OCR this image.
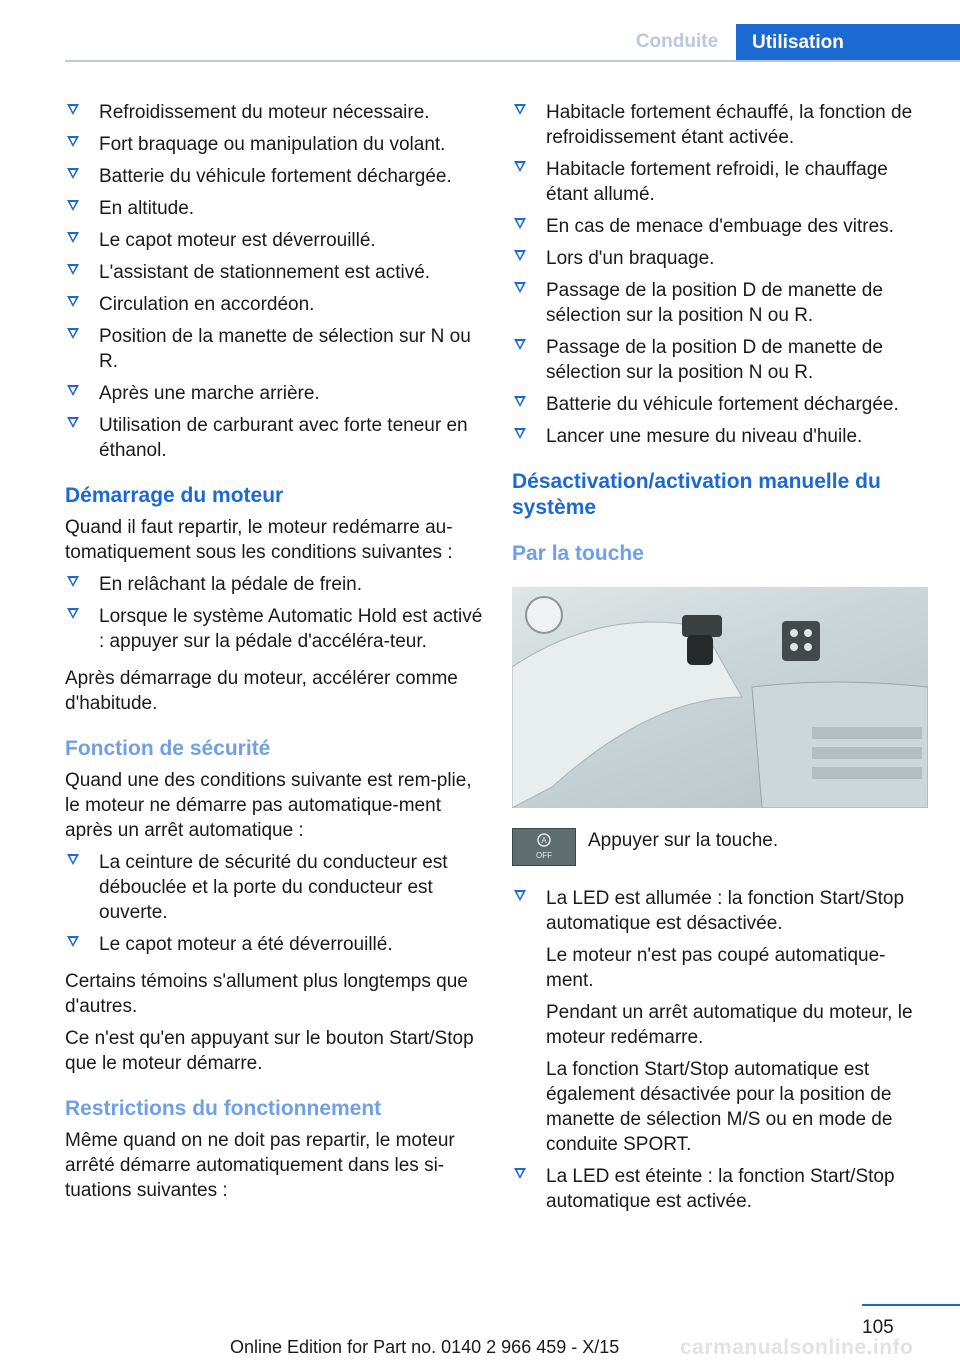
Conduite	Utilisation
Refroidissement du moteur nécessaire.
Fort braquage ou manipulation du volant.
Batterie du véhicule fortement déchargée.
En altitude.
Le capot moteur est déverrouillé.
L'assistant de stationnement est activé.
Circulation en accordéon.
Position de la manette de sélection sur N ou R.
Après une marche arrière.
Utilisation de carburant avec forte teneur en éthanol.
Démarrage du moteur

Quand il faut repartir, le moteur redémarre au-tomatiquement sous les conditions suivantes :

En relâchant la pédale de frein.
Lorsque le système Automatic Hold est activé : appuyer sur la pédale d'accéléra-teur.

Après démarrage du moteur, accélérer comme d'habitude.

Fonction de sécurité

Quand une des conditions suivante est rem-plie, le moteur ne démarre pas automatique-ment après un arrêt automatique :

La ceinture de sécurité du conducteur est débouclée et la porte du conducteur est ouverte.
Le capot moteur a été déverrouillé.

Certains témoins s'allument plus longtemps que d'autres.

Ce n'est qu'en appuyant sur le bouton Start/Stop que le moteur démarre.

Restrictions du fonctionnement

Même quand on ne doit pas repartir, le moteur arrêté démarre automatiquement dans les si-tuations suivantes :

Habitacle fortement échauffé, la fonction de refroidissement étant activée.
Habitacle fortement refroidi, le chauffage étant allumé.
En cas de menace d'embuage des vitres.
Lors d'un braquage.
Passage de la position D de manette de sélection sur la position N ou R.
Passage de la position D de manette de sélection sur la position N ou R.
Batterie du véhicule fortement déchargée.
Lancer une mesure du niveau d'huile.
Désactivation/activation manuelle du système
Par la touche
A
OFF
Appuyer sur la touche.
La LED est allumée : la fonction Start/Stop automatique est désactivée.
Le moteur n'est pas coupé automatique-ment.
Pendant un arrêt automatique du moteur, le moteur redémarre.
La fonction Start/Stop automatique est également désactivée pour la position de manette de sélection M/S ou en mode de conduite SPORT.
La LED est éteinte : la fonction Start/Stop automatique est activée.
105
Online Edition for Part no. 0140 2 966 459 - X/15	carmanualsonline.info
